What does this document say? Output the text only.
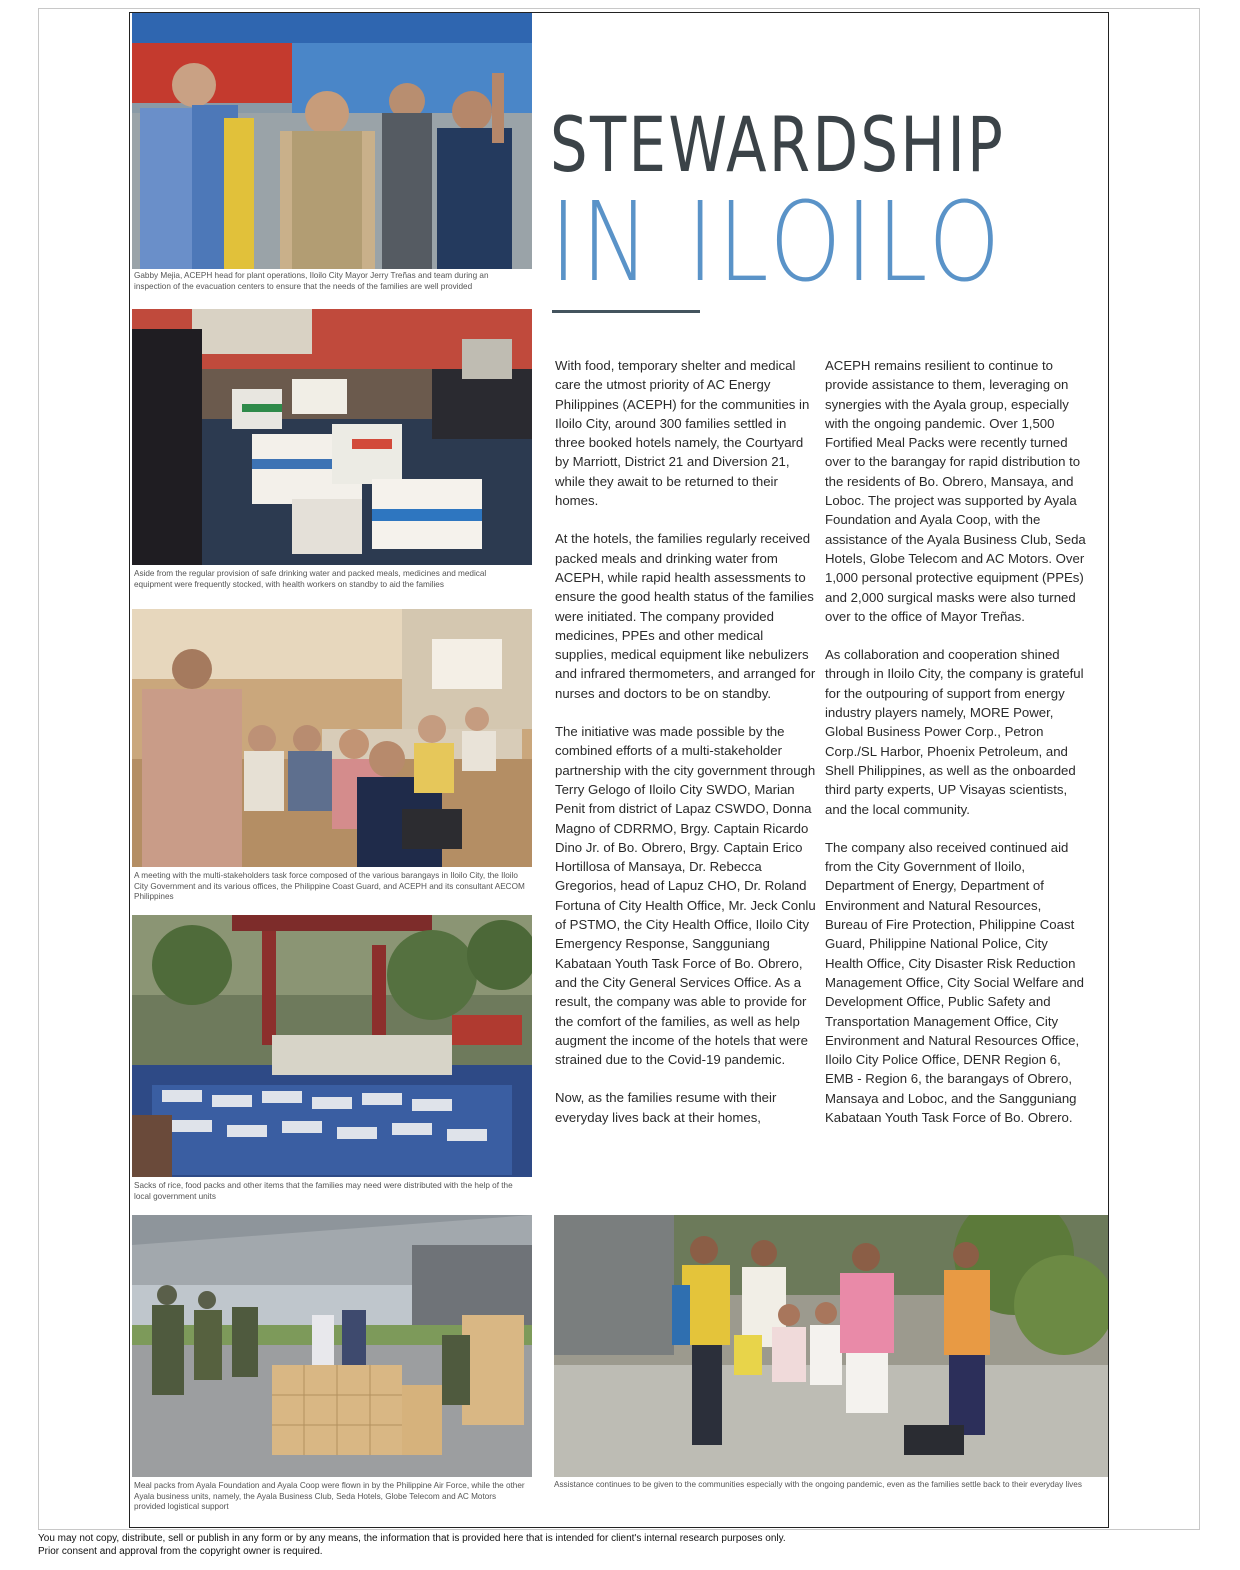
Gabby Mejia, ACEPH head for plant operations, Iloilo City Mayor Jerry Treñas and team during an inspection of the evacuation centers to ensure that the needs of the families are well provided
Aside from the regular provision of safe drinking water and packed meals, medicines and medical equipment were frequently stocked, with health workers on standby to aid the families
A meeting with the multi-stakeholders task force composed of the various barangays in Iloilo City, the Iloilo City Government and its various offices, the Philippine Coast Guard, and ACEPH and its consultant AECOM Philippines
Sacks of rice, food packs and other items that the families may need were distributed with the help of the local government units
Meal packs from Ayala Foundation and Ayala Coop were flown in by the Philippine Air Force, while the other Ayala business units, namely, the Ayala Business Club, Seda Hotels, Globe Telecom and AC Motors provided logistical support
STEWARDSHIP
IN ILOILO

With food, temporary shelter and medical care the utmost priority of AC Energy Philippines (ACEPH) for the communities in Iloilo City, around 300 families settled in three booked hotels namely, the Courtyard by Marriott, District 21 and Diversion 21, while they await to be returned to their homes.

At the hotels, the families regularly received packed meals and drinking water from ACEPH, while rapid health assessments to ensure the good health status of the families were initiated. The company provided medicines, PPEs and other medical supplies, medical equipment like nebulizers and infrared thermometers, and arranged for nurses and doctors to be on standby.

The initiative was made possible by the combined efforts of a multi-stakeholder partnership with the city government through Terry Gelogo of Iloilo City SWDO, Marian Penit from district of Lapaz CSWDO, Donna Magno of CDRRMO, Brgy. Captain Ricardo Dino Jr. of Bo. Obrero, Brgy. Captain Erico Hortillosa of Mansaya, Dr. Rebecca Gregorios, head of Lapuz CHO, Dr. Roland Fortuna of City Health Office, Mr. Jeck Conlu of PSTMO, the City Health Office, Iloilo City Emergency Response, Sangguniang Kabataan Youth Task Force of Bo. Obrero, and the City General Services Office. As a result, the company was able to provide for the comfort of the families, as well as help augment the income of the hotels that were strained due to the Covid-19 pandemic.

Now, as the families resume with their everyday lives back at their homes,

ACEPH remains resilient to continue to provide assistance to them, leveraging on synergies with the Ayala group, especially with the ongoing pandemic. Over 1,500 Fortified Meal Packs were recently turned over to the barangay for rapid distribution to the residents of Bo. Obrero, Mansaya, and Loboc. The project was supported by Ayala Foundation and Ayala Coop, with the assistance of the Ayala Business Club, Seda Hotels, Globe Telecom and AC Motors. Over 1,000 personal protective equipment (PPEs) and 2,000 surgical masks were also turned over to the office of Mayor Treñas.

As collaboration and cooperation shined through in Iloilo City, the company is grateful for the outpouring of support from energy industry players namely, MORE Power, Global Business Power Corp., Petron Corp./SL Harbor, Phoenix Petroleum, and Shell Philippines, as well as the onboarded third party experts, UP Visayas scientists, and the local community.

The company also received continued aid from the City Government of Iloilo, Department of Energy, Department of Environment and Natural Resources, Bureau of Fire Protection, Philippine Coast Guard, Philippine National Police, City Health Office, City Disaster Risk Reduction Management Office, City Social Welfare and Development Office, Public Safety and Transportation Management Office, City Environment and Natural Resources Office, Iloilo City Police Office, DENR Region 6, EMB - Region 6, the barangays of Obrero, Mansaya and Loboc, and the Sangguniang Kabataan Youth Task Force of Bo. Obrero.

Assistance continues to be given to the communities especially with the ongoing pandemic, even as the families settle back to their everyday lives
You may not copy, distribute, sell or publish in any form or by any means, the information that is provided here that is intended for client's internal research purposes only.
Prior consent and approval from the copyright owner is required.
